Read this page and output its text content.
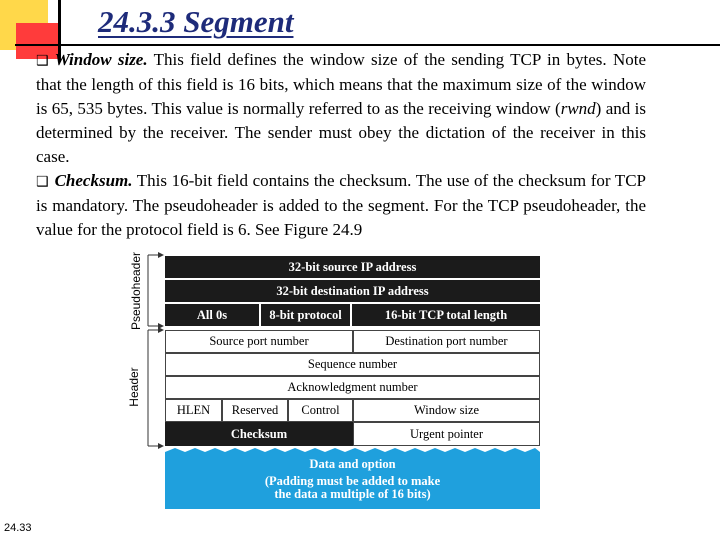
24.3.3 Segment

❑ Window size. This field defines the window size of the sending TCP in bytes. Note that the length of this field is 16 bits, which means that the maximum size of the window is 65, 535 bytes. This value is normally referred to as the receiving window (rwnd) and is determined by the receiver. The sender must obey the dictation of the receiver in this case.

❑ Checksum. This 16-bit field contains the checksum. The use of the checksum for TCP is mandatory. The pseudoheader is added to the segment. For the TCP pseudoheader, the value for the protocol field is 6. See Figure 24.9

Pseudoheader
Header
32-bit source IP address
32-bit destination IP address
All 0s	8-bit protocol	16-bit TCP total length
Source port number	Destination port number
Sequence number
Acknowledgment number
HLEN	Reserved	Control	Window size
Checksum	Urgent pointer
Data and option
(Padding must be added to make
the data a multiple of 16 bits)
24.33
